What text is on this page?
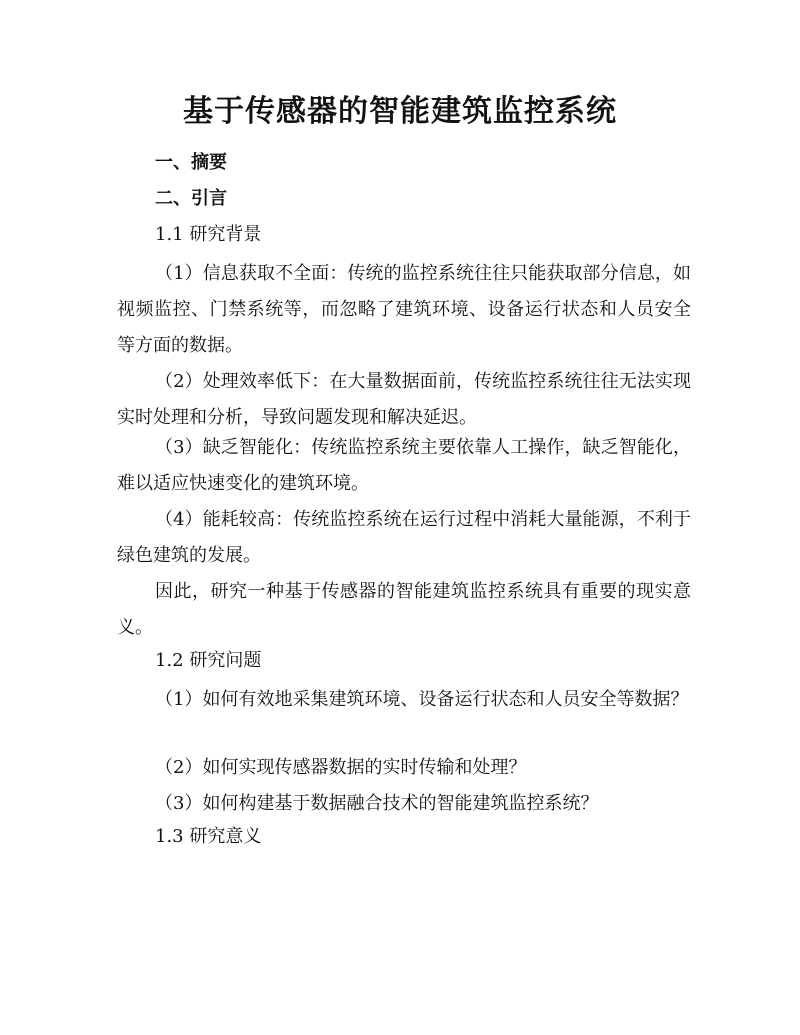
基于传感器的智能建筑监控系统
一、摘要
二、引言
1.1 研究背景
（1）信息获取不全面：传统的监控系统往往只能获取部分信息，如视频监控、门禁系统等，而忽略了建筑环境、设备运行状态和人员安全等方面的数据。
（2）处理效率低下：在大量数据面前，传统监控系统往往无法实现实时处理和分析，导致问题发现和解决延迟。
（3）缺乏智能化：传统监控系统主要依靠人工操作，缺乏智能化，难以适应快速变化的建筑环境。
（4）能耗较高：传统监控系统在运行过程中消耗大量能源，不利于绿色建筑的发展。
因此，研究一种基于传感器的智能建筑监控系统具有重要的现实意义。
1.2 研究问题
（1）如何有效地采集建筑环境、设备运行状态和人员安全等数据？
（2）如何实现传感器数据的实时传输和处理？
（3）如何构建基于数据融合技术的智能建筑监控系统？
1.3 研究意义
